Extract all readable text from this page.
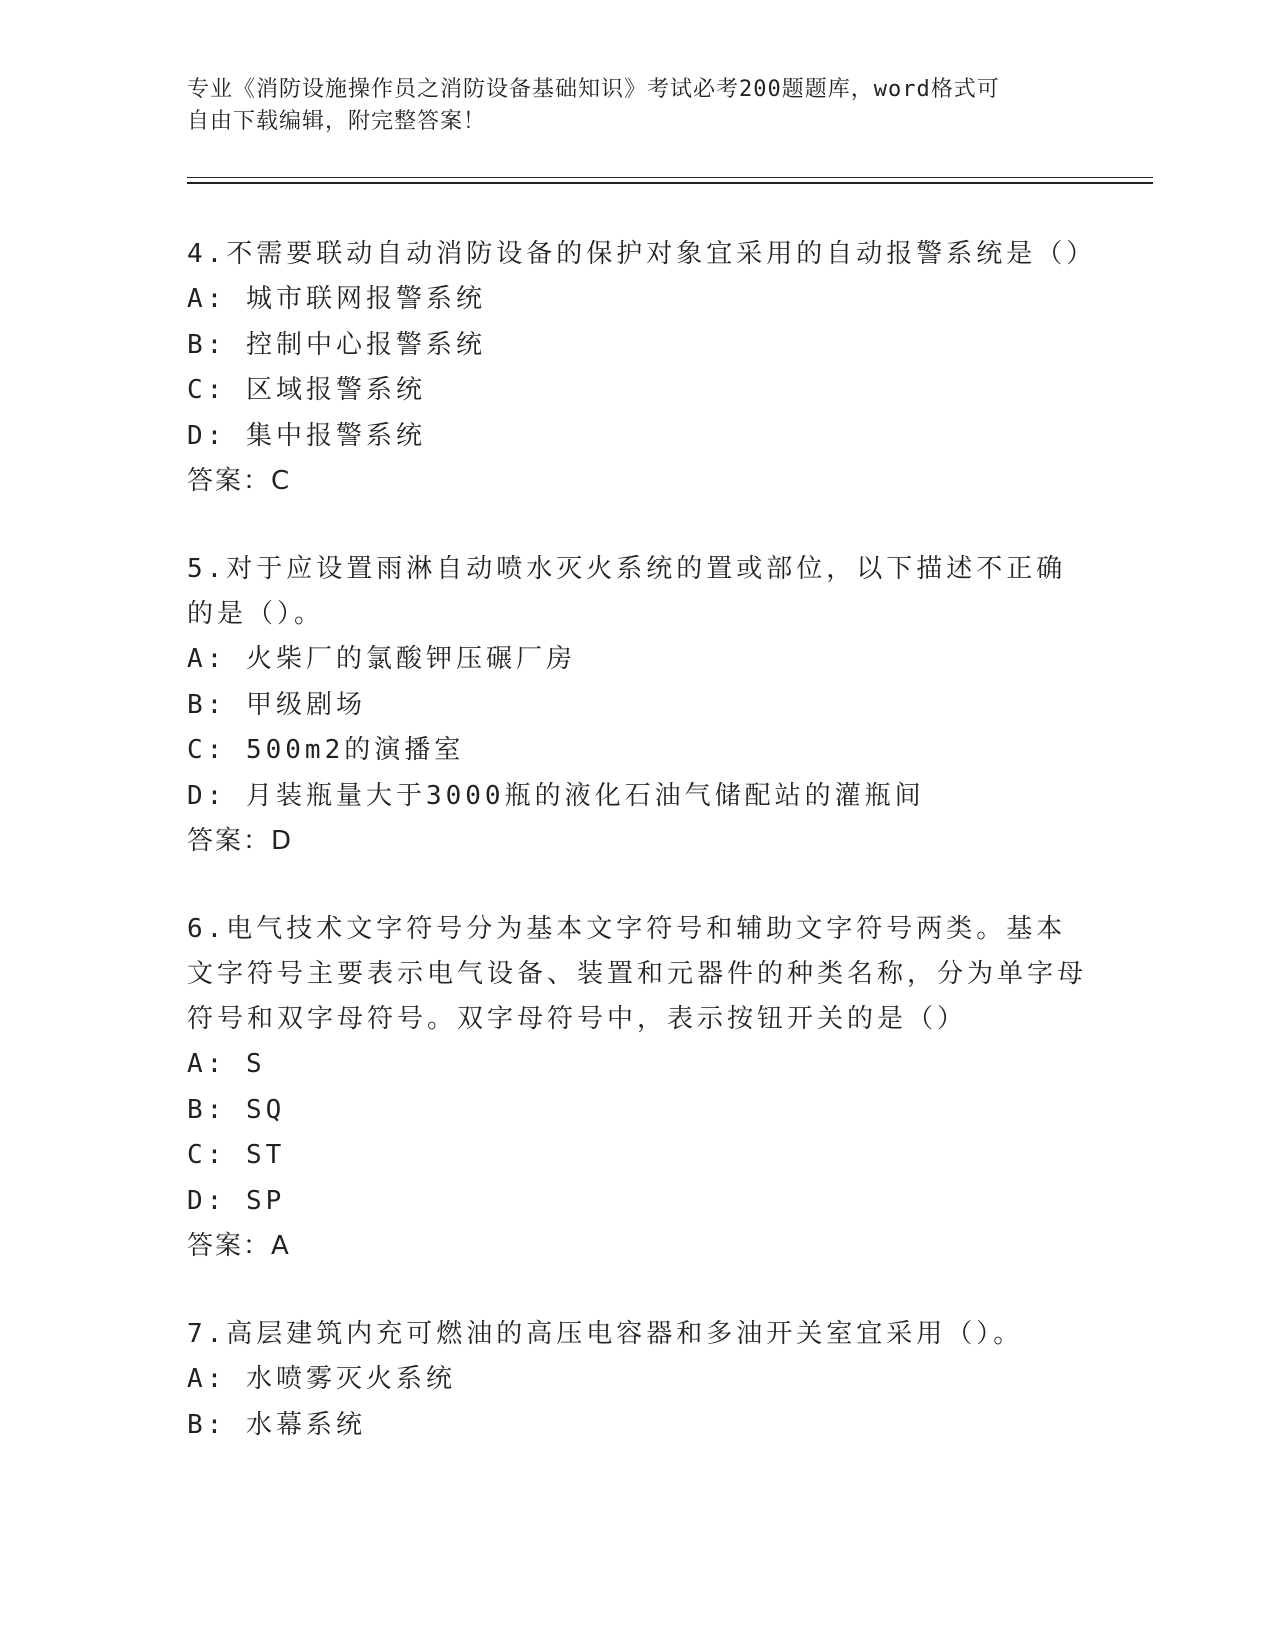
专业《消防设施操作员之消防设备基础知识》考试必考200题题库，word格式可
自由下载编辑，附完整答案！

4.不需要联动自动消防设备的保护对象宜采用的自动报警系统是（）

A: 城市联网报警系统
B: 控制中心报警系统
C: 区域报警系统
D: 集中报警系统
答案：C

5.对于应设置雨淋自动喷水灭火系统的置或部位，以下描述不正确的是（）。

A: 火柴厂的氯酸钾压碾厂房
B: 甲级剧场
C: 500m2的演播室
D: 月装瓶量大于3000瓶的液化石油气储配站的灌瓶间
答案：D

6.电气技术文字符号分为基本文字符号和辅助文字符号两类。基本文字符号主要表示电气设备、装置和元器件的种类名称，分为单字母符号和双字母符号。双字母符号中，表示按钮开关的是（）

A: S
B: SQ
C: ST
D: SP
答案：A

7.高层建筑内充可燃油的高压电容器和多油开关室宜采用（）。

A: 水喷雾灭火系统
B: 水幕系统
